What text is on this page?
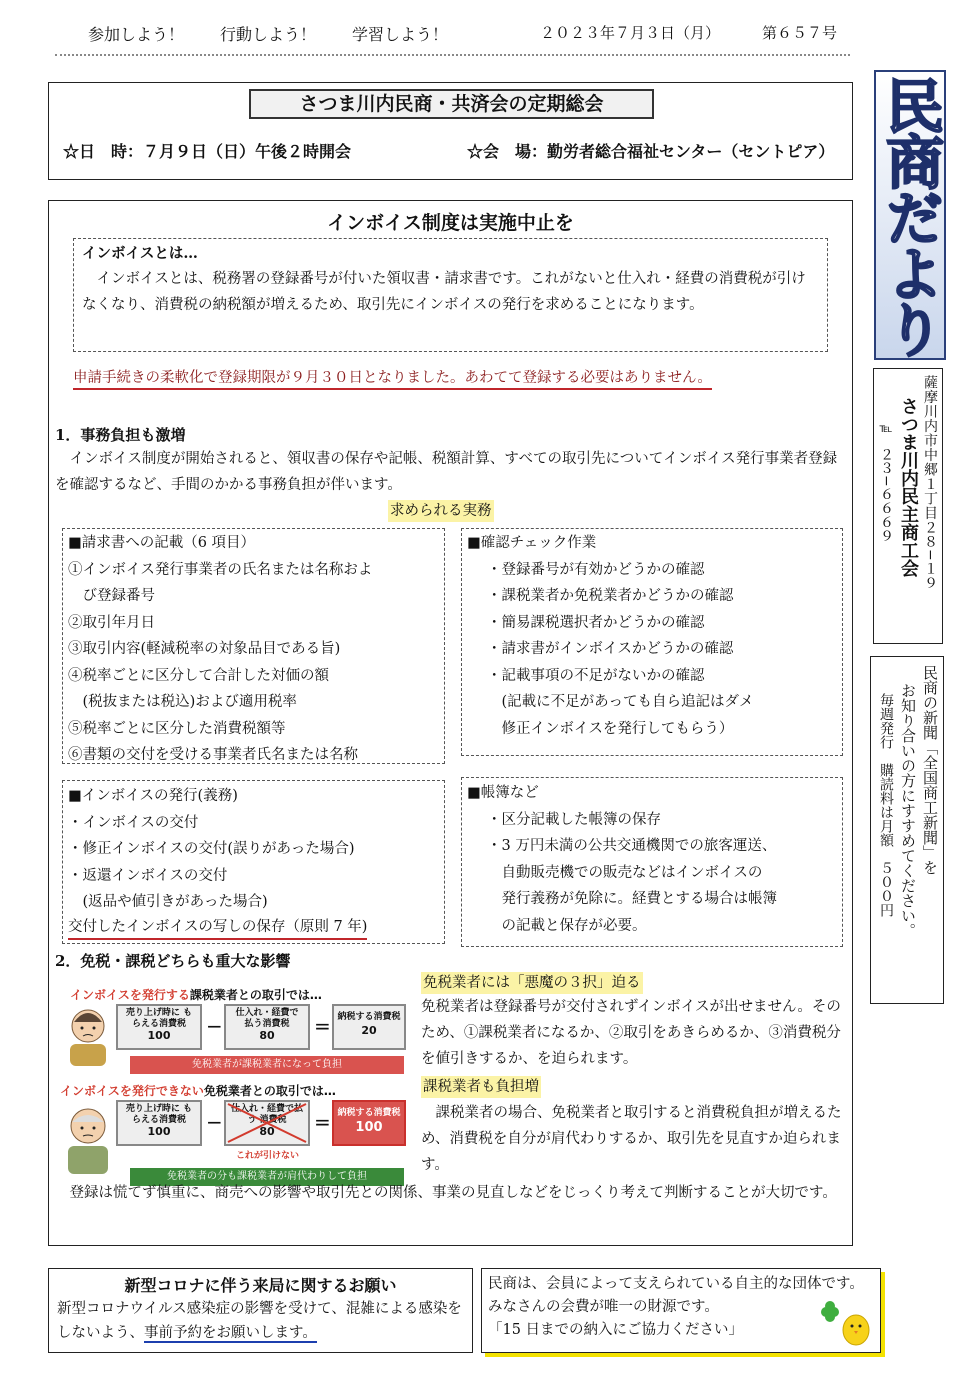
参加しよう！ 行動しよう！ 学習しよう！	２０２３年７月３日（月）	第６５７号
民商だより
薩摩川内市中郷１丁目２８−１９
さつま川内民主商工会
℡
２３−６６６９
民商の新聞「全国商工新聞」を
お知り合いの方にすすめてください。
毎週発行　購読料は月額　５００円
さつま川内民商・共済会の定期総会
☆日　時：７月９日（日）午後２時開会	☆会　場：勤労者総合福祉センター（セントピア）
インボイス制度は実施中止を
インボイスとは…
　インボイスとは、税務署の登録番号が付いた領収書・請求書です。これがないと仕入れ・経費の消費税が引けなくなり、消費税の納税額が増えるため、取引先にインボイスの発行を求めることになります。
申請手続きの柔軟化で登録期限が９月３０日となりました。あわてて登録する必要はありません。
1．事務負担も激増
　インボイス制度が開始されると、領収書の保存や記帳、税額計算、すべての取引先についてインボイス発行事業者登録を確認するなど、手間のかかる事務負担が伴います。
求められる実務
■請求書への記載（6 項目）
①インボイス発行事業者の氏名または名称およ
　び登録番号
②取引年月日
③取引内容(軽減税率の対象品目である旨)
④税率ごとに区分して合計した対価の額
　(税抜または税込)および適用税率
⑤税率ごとに区分した消費税額等
⑥書類の交付を受ける事業者氏名または名称
■確認チェック作業
・登録番号が有効かどうかの確認
・課税業者か免税業者かどうかの確認
・簡易課税選択者かどうかの確認
・請求書がインボイスかどうかの確認
・記載事項の不足がないかの確認
　(記載に不足があっても自ら追記はダメ
　修正インボイスを発行してもらう）
■インボイスの発行(義務)
・インボイスの交付
・修正インボイスの交付(誤りがあった場合)
・返還インボイスの交付
　(返品や値引きがあった場合)
交付したインボイスの写しの保存（原則 7 年)
■帳簿など
・区分記載した帳簿の保存
・3 万円未満の公共交通機関での旅客運送、
　自動販売機での販売などはインボイスの
　発行義務が免除に。経費とする場合は帳簿
　の記載と保存が必要。
2．免税・課税どちらも重大な影響
インボイスを発行する課税業者との取引では…
売り上げ時に もらえる消費税
100	−
仕入れ・経費で 払う消費税
80	= 納税する消費税
20
免税業者が課税業者になって負担
インボイスを発行できない免税業者との取引では…
売り上げ時に もらえる消費税
100	−
仕入れ・経費で払う 消費税
80	= 納税する消費税
100
これが引けない
免税業者の分も課税業者が肩代わりして負担
免税業者には「悪魔の３択」迫る
免税業者は登録番号が交付されずインボイスが出せません。そのため、①課税業者になるか、②取引をあきらめるか、③消費税分を値引きするか、を迫られます。
課税業者も負担増
　課税業者の場合、免税業者と取引すると消費税負担が増えるため、消費税を自分が肩代わりするか、取引先を見直すか迫られます。
　登録は慌てず慎重に、商売への影響や取引先との関係、事業の見直しなどをじっくり考えて判断することが大切です。
新型コロナに伴う来局に関するお願い
新型コロナウイルス感染症の影響を受けて、混雑による感染をしないよう、事前予約をお願いします。
民商は、会員によって支えられている自主的な団体です。みなさんの会費が唯一の財源です。
「15 日までの納入にご協力ください」
